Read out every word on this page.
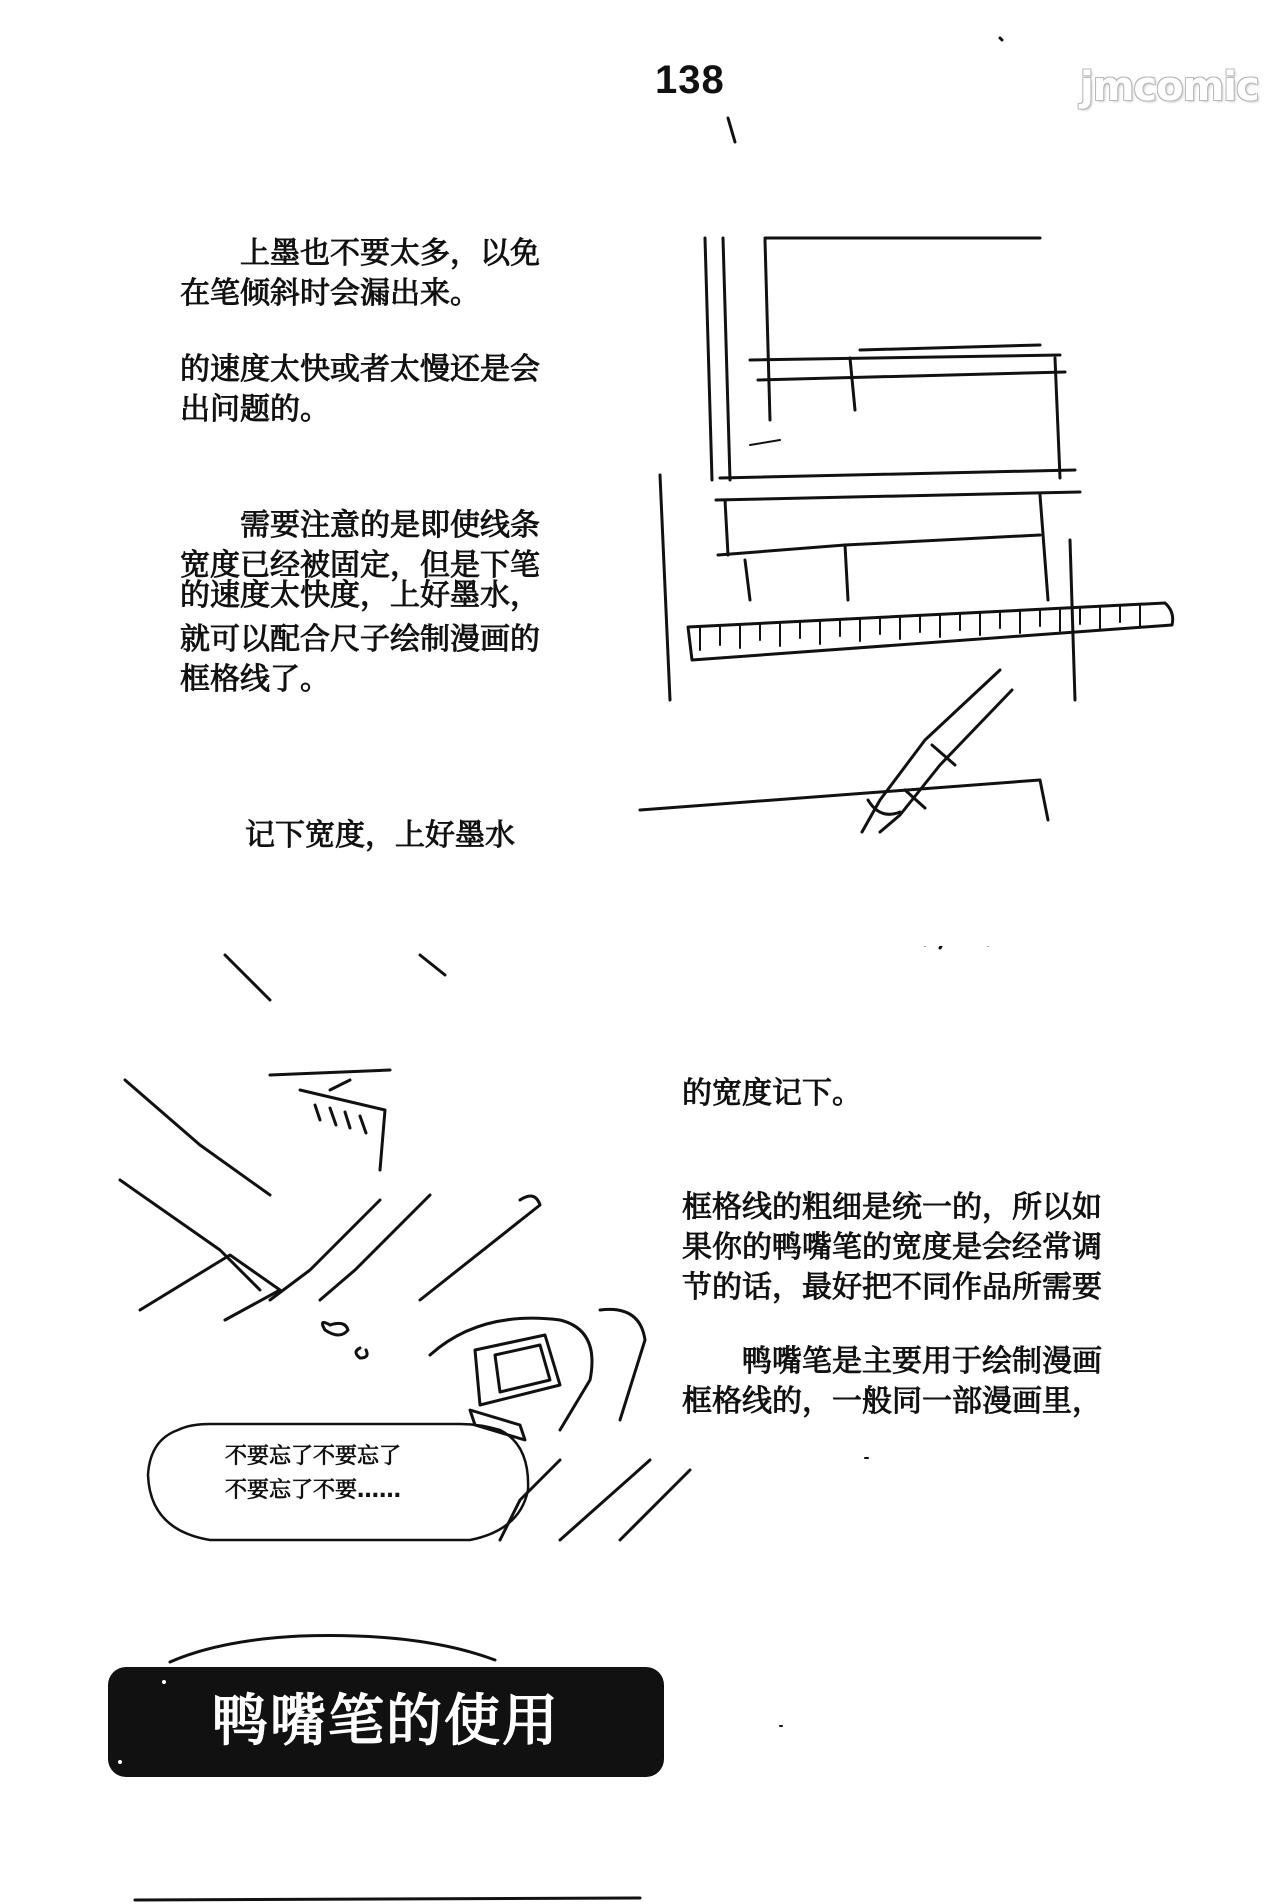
138	jmcomic
上墨也不要太多，以免
在笔倾斜时会漏出来。
的速度太快或者太慢还是会
出问题的。
需要注意的是即使线条
宽度已经被固定，但是下笔
的速度太快度，上好墨水，
就可以配合尺子绘制漫画的
框格线了。
记下宽度，上好墨水
的宽度记下。
框格线的粗细是统一的，所以如
果你的鸭嘴笔的宽度是会经常调
节的话，最好把不同作品所需要
鸭嘴笔是主要用于绘制漫画
框格线的，一般同一部漫画里，
不要忘了不要忘了
不要忘了不要……
鸭嘴笔的使用
